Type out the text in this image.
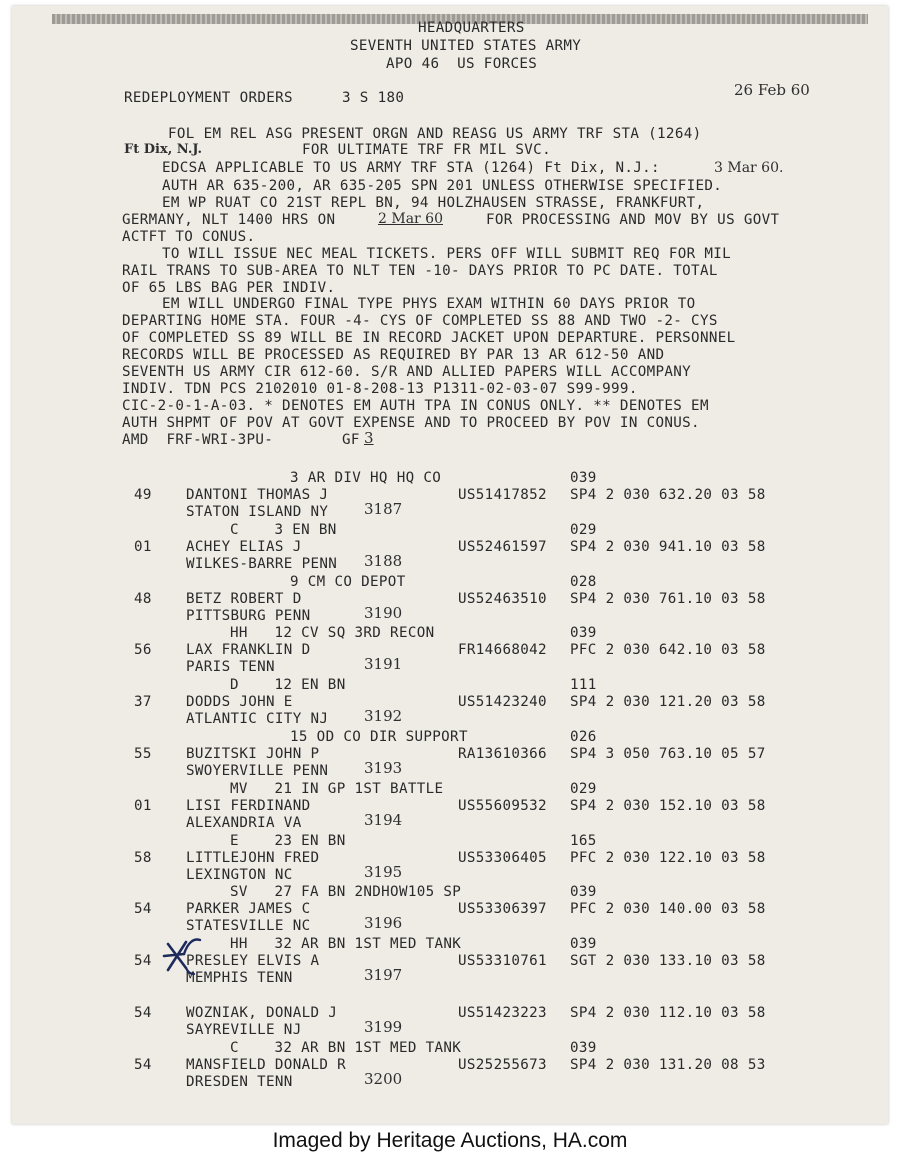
HEADQUARTERS
SEVENTH UNITED STATES ARMY
APO 46  US FORCES
REDEPLOYMENT ORDERS	3 S 180	26 Feb 60
FOL EM REL ASG PRESENT ORGN AND REASG US ARMY TRF STA (1264)
Ft Dix, N.J.	FOR ULTIMATE TRF FR MIL SVC.
EDCSA APPLICABLE TO US ARMY TRF STA (1264) Ft Dix, N.J.:	3 Mar 60.
AUTH AR 635-200, AR 635-205 SPN 201 UNLESS OTHERWISE SPECIFIED.
EM WP RUAT CO 21ST REPL BN, 94 HOLZHAUSEN STRASSE, FRANKFURT,
GERMANY, NLT 1400 HRS ON	2 Mar 60	FOR PROCESSING AND MOV BY US GOVT
ACTFT TO CONUS.
TO WILL ISSUE NEC MEAL TICKETS. PERS OFF WILL SUBMIT REQ FOR MIL
RAIL TRANS TO SUB-AREA TO NLT TEN -10- DAYS PRIOR TO PC DATE. TOTAL
OF 65 LBS BAG PER INDIV.
EM WILL UNDERGO FINAL TYPE PHYS EXAM WITHIN 60 DAYS PRIOR TO
DEPARTING HOME STA. FOUR -4- CYS OF COMPLETED SS 88 AND TWO -2- CYS
OF COMPLETED SS 89 WILL BE IN RECORD JACKET UPON DEPARTURE. PERSONNEL
RECORDS WILL BE PROCESSED AS REQUIRED BY PAR 13 AR 612-50 AND
SEVENTH US ARMY CIR 612-60. S/R AND ALLIED PAPERS WILL ACCOMPANY
INDIV. TDN PCS 2102010 01-8-208-13 P1311-02-03-07 S99-999.
CIC-2-0-1-A-03. * DENOTES EM AUTH TPA IN CONUS ONLY. ** DENOTES EM
AUTH SHPMT OF POV AT GOVT EXPENSE AND TO PROCEED BY POV IN CONUS.
AMD  FRF-WRI-3PU-	GF 3
3 AR DIV HQ HQ CO	039
49 DANTONI THOMAS J	US51417852 SP4 2 030 632.20 03 58
STATON ISLAND NY 3187
C    3 EN BN	029
01 ACHEY ELIAS J	US52461597 SP4 2 030 941.10 03 58
WILKES-BARRE PENN 3188
9 CM CO DEPOT	028
48 BETZ ROBERT D	US52463510 SP4 2 030 761.10 03 58
PITTSBURG PENN	3190
HH   12 CV SQ 3RD RECON	039
56 LAX FRANKLIN D	FR14668042 PFC 2 030 642.10 03 58
PARIS TENN	3191
D    12 EN BN	111
37 DODDS JOHN E	US51423240 SP4 2 030 121.20 03 58
ATLANTIC CITY NJ 3192
15 OD CO DIR SUPPORT	026
55 BUZITSKI JOHN P	RA13610366 SP4 3 050 763.10 05 57
SWOYERVILLE PENN 3193
MV   21 IN GP 1ST BATTLE	029
01 LISI FERDINAND	US55609532 SP4 2 030 152.10 03 58
ALEXANDRIA VA	3194
E    23 EN BN	165
58 LITTLEJOHN FRED	US53306405 PFC 2 030 122.10 03 58
LEXINGTON NC	3195
SV   27 FA BN 2NDHOW105 SP	039
54 PARKER JAMES C	US53306397 PFC 2 030 140.00 03 58
STATESVILLE NC	3196
HH   32 AR BN 1ST MED TANK	039
54 PRESLEY ELVIS A	US53310761 SGT 2 030 133.10 03 58
MEMPHIS TENN	3197
54 WOZNIAK, DONALD J	US51423223 SP4 2 030 112.10 03 58
SAYREVILLE NJ	3199
C    32 AR BN 1ST MED TANK	039
54 MANSFIELD DONALD R	US25255673 SP4 2 030 131.20 08 53
DRESDEN TENN	3200
Imaged by Heritage Auctions, HA.com
